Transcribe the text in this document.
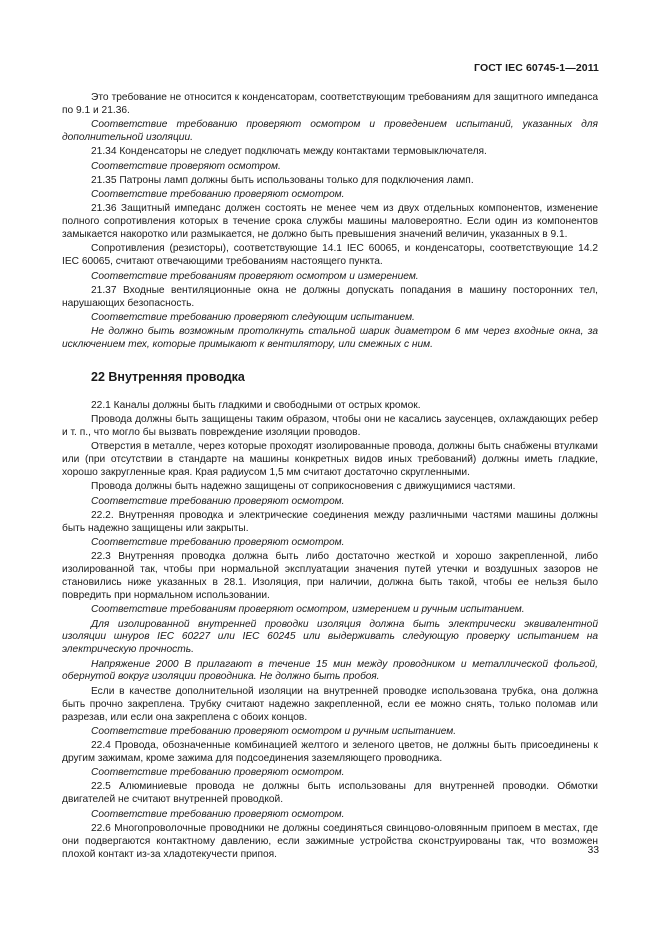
ГОСТ IEC 60745-1—2011

Это требование не относится к конденсаторам, соответствующим требованиям для защитного импеданса по 9.1 и 21.36.

Соответствие требованию проверяют осмотром и проведением испытаний, указанных для дополнительной изоляции.

21.34 Конденсаторы не следует подключать между контактами термовыключателя.

Соответствие проверяют осмотром.

21.35 Патроны ламп должны быть использованы только для подключения ламп.

Соответствие требованию проверяют осмотром.

21.36 Защитный импеданс должен состоять не менее чем из двух отдельных компонентов, изменение полного сопротивления которых в течение срока службы машины маловероятно. Если один из компонентов замыкается накоротко или размыкается, не должно быть превышения значений величин, указанных в 9.1.

Сопротивления (резисторы), соответствующие 14.1 IEC 60065, и конденсаторы, соответствующие 14.2 IEC 60065, считают отвечающими требованиям настоящего пункта.

Соответствие требованиям проверяют осмотром и измерением.

21.37 Входные вентиляционные окна не должны допускать попадания в машину посторонних тел, нарушающих безопасность.

Соответствие требованию проверяют следующим испытанием.

Не должно быть возможным протолкнуть стальной шарик диаметром 6 мм через входные окна, за исключением тех, которые примыкают к вентилятору, или смежных с ним.

22 Внутренняя проводка

22.1 Каналы должны быть гладкими и свободными от острых кромок.

Провода должны быть защищены таким образом, чтобы они не касались заусенцев, охлаждающих ребер и т. п., что могло бы вызвать повреждение изоляции проводов.

Отверстия в металле, через которые проходят изолированные провода, должны быть снабжены втулками или (при отсутствии в стандарте на машины конкретных видов иных требований) должны иметь гладкие, хорошо закругленные края. Края радиусом 1,5 мм считают достаточно скругленными.

Провода должны быть надежно защищены от соприкосновения с движущимися частями.

Соответствие требованию проверяют осмотром.

22.2. Внутренняя проводка и электрические соединения между различными частями машины должны быть надежно защищены или закрыты.

Соответствие требованию проверяют осмотром.

22.3 Внутренняя проводка должна быть либо достаточно жесткой и хорошо закрепленной, либо изолированной так, чтобы при нормальной эксплуатации значения путей утечки и воздушных зазоров не становились ниже указанных в 28.1. Изоляция, при наличии, должна быть такой, чтобы ее нельзя было повредить при нормальном использовании.

Соответствие требованиям проверяют осмотром, измерением и ручным испытанием.

Для изолированной внутренней проводки изоляция должна быть электрически эквивалентной изоляции шнуров IEC 60227 или IEC 60245 или выдерживать следующую проверку испытанием на электрическую прочность.

Напряжение 2000 В прилагают в течение 15 мин между проводником и металлической фольгой, обернутой вокруг изоляции проводника. Не должно быть пробоя.

Если в качестве дополнительной изоляции на внутренней проводке использована трубка, она должна быть прочно закреплена. Трубку считают надежно закрепленной, если ее можно снять, только поломав или разрезав, или если она закреплена с обоих концов.

Соответствие требованию проверяют осмотром и ручным испытанием.

22.4 Провода, обозначенные комбинацией желтого и зеленого цветов, не должны быть присоединены к другим зажимам, кроме зажима для подсоединения заземляющего проводника.

Соответствие требованию проверяют осмотром.

22.5 Алюминиевые провода не должны быть использованы для внутренней проводки. Обмотки двигателей не считают внутренней проводкой.

Соответствие требованию проверяют осмотром.

22.6 Многопроволочные проводники не должны соединяться свинцово-оловянным припоем в местах, где они подвергаются контактному давлению, если зажимные устройства сконструированы так, что возможен плохой контакт из-за хладотекучести припоя.	33
